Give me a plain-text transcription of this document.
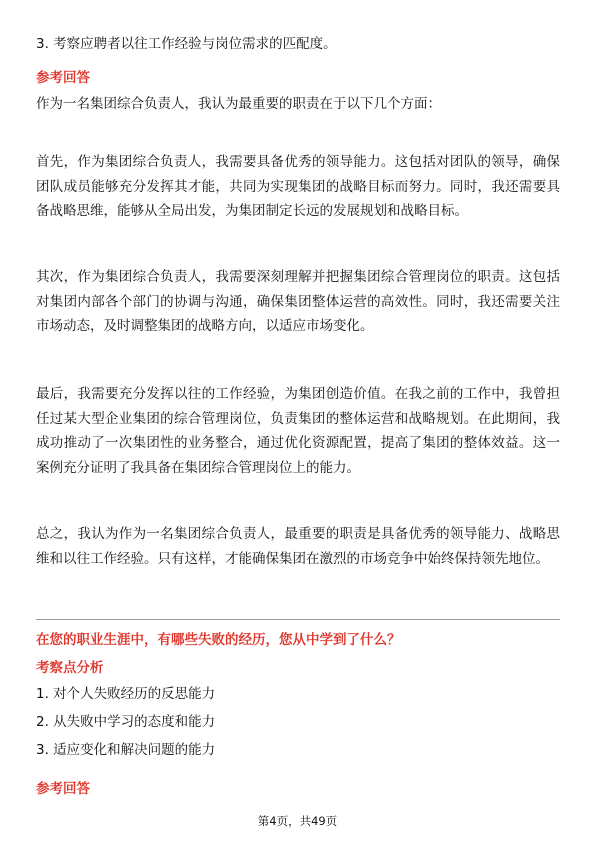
3. 考察应聘者以往工作经验与岗位需求的匹配度。
参考回答
作为一名集团综合负责人，我认为最重要的职责在于以下几个方面：

首先，作为集团综合负责人，我需要具备优秀的领导能力。这包括对团队的领导，确保团队成员能够充分发挥其才能，共同为实现集团的战略目标而努力。同时，我还需要具备战略思维，能够从全局出发，为集团制定长远的发展规划和战略目标。

其次，作为集团综合负责人，我需要深刻理解并把握集团综合管理岗位的职责。这包括对集团内部各个部门的协调与沟通，确保集团整体运营的高效性。同时，我还需要关注市场动态，及时调整集团的战略方向，以适应市场变化。

最后，我需要充分发挥以往的工作经验，为集团创造价值。在我之前的工作中，我曾担任过某大型企业集团的综合管理岗位，负责集团的整体运营和战略规划。在此期间，我成功推动了一次集团性的业务整合，通过优化资源配置，提高了集团的整体效益。这一案例充分证明了我具备在集团综合管理岗位上的能力。

总之，我认为作为一名集团综合负责人，最重要的职责是具备优秀的领导能力、战略思维和以往工作经验。只有这样，才能确保集团在激烈的市场竞争中始终保持领先地位。

在您的职业生涯中，有哪些失败的经历，您从中学到了什么？
考察点分析
1. 对个人失败经历的反思能力
2. 从失败中学习的态度和能力
3. 适应变化和解决问题的能力
参考回答
第4页，共49页
